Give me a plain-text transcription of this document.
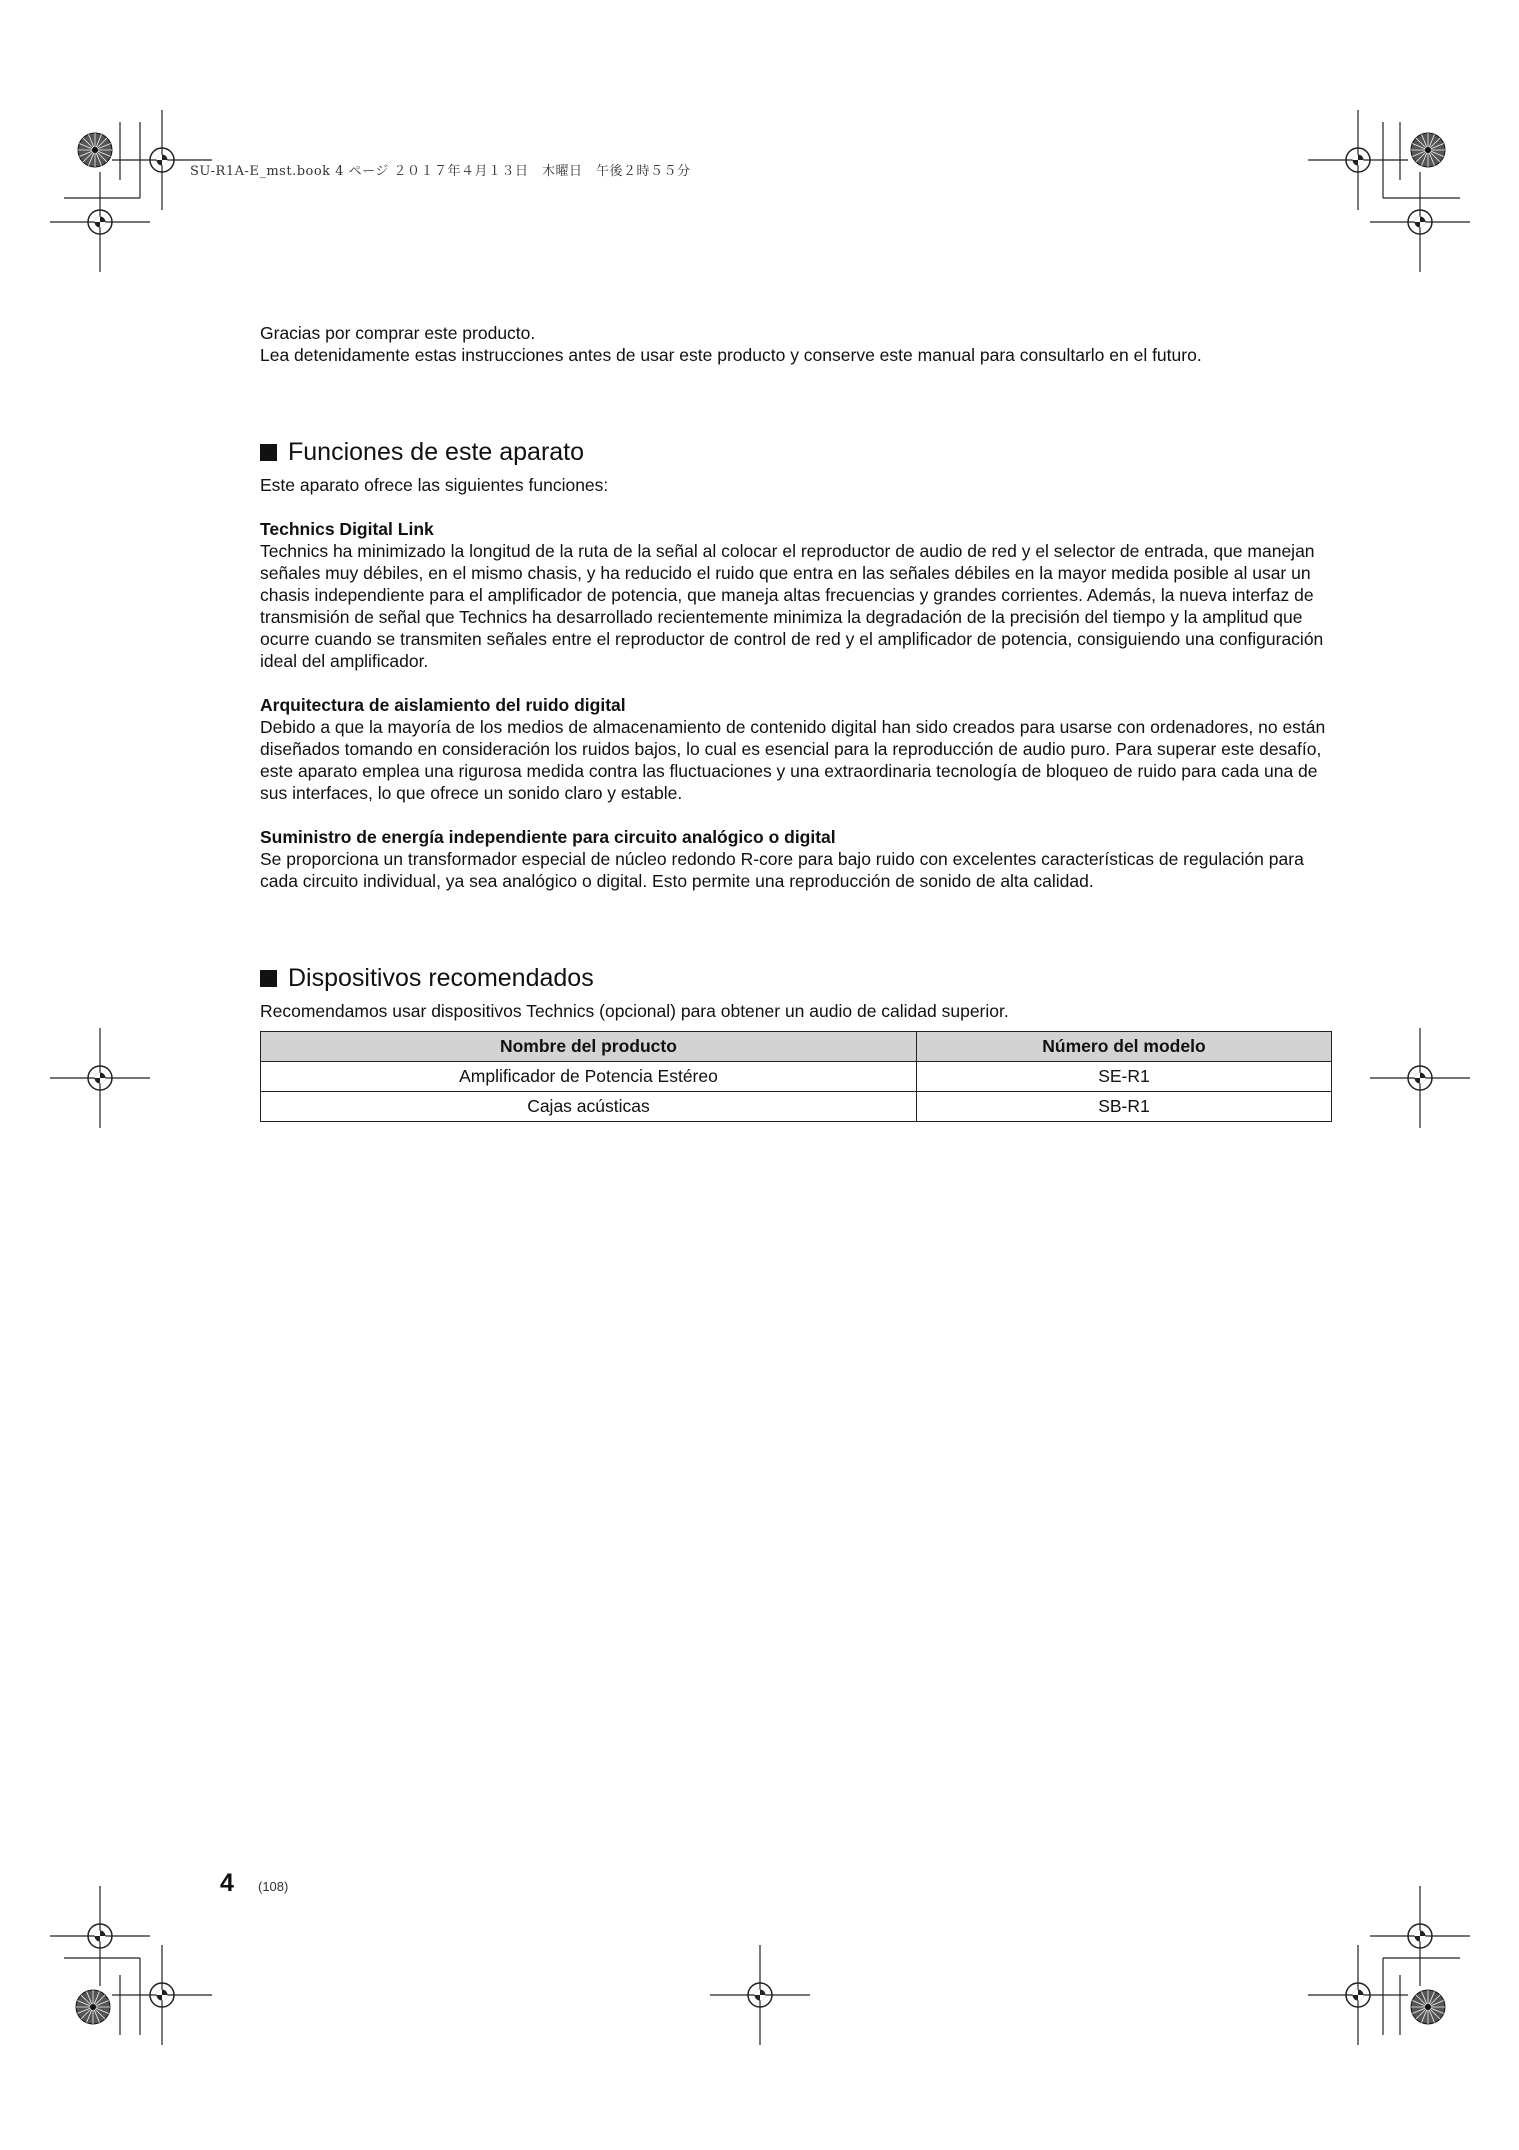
SU-R1A-E_mst.book 4 ページ ２０１７年４月１３日　木曜日　午後２時５５分

Gracias por comprar este producto.

Lea detenidamente estas instrucciones antes de usar este producto y conserve este manual para consultarlo en el futuro.

Funciones de este aparato

Este aparato ofrece las siguientes funciones:

Technics Digital Link

Technics ha minimizado la longitud de la ruta de la señal al colocar el reproductor de audio de red y el selector de entrada, que manejan señales muy débiles, en el mismo chasis, y ha reducido el ruido que entra en las señales débiles en la mayor medida posible al usar un chasis independiente para el amplificador de potencia, que maneja altas frecuencias y grandes corrientes. Además, la nueva interfaz de transmisión de señal que Technics ha desarrollado recientemente minimiza la degradación de la precisión del tiempo y la amplitud que ocurre cuando se transmiten señales entre el reproductor de control de red y el amplificador de potencia, consiguiendo una configuración ideal del amplificador.

Arquitectura de aislamiento del ruido digital

Debido a que la mayoría de los medios de almacenamiento de contenido digital han sido creados para usarse con ordenadores, no están diseñados tomando en consideración los ruidos bajos, lo cual es esencial para la reproducción de audio puro. Para superar este desafío, este aparato emplea una rigurosa medida contra las fluctuaciones y una extraordinaria tecnología de bloqueo de ruido para cada una de sus interfaces, lo que ofrece un sonido claro y estable.

Suministro de energía independiente para circuito analógico o digital

Se proporciona un transformador especial de núcleo redondo R-core para bajo ruido con excelentes características de regulación para cada circuito individual, ya sea analógico o digital. Esto permite una reproducción de sonido de alta calidad.

Dispositivos recomendados

Recomendamos usar dispositivos Technics (opcional) para obtener un audio de calidad superior.

Nombre del producto	Número del modelo
Amplificador de Potencia Estéreo	SE-R1
Cajas acústicas	SB-R1
4 (108)
